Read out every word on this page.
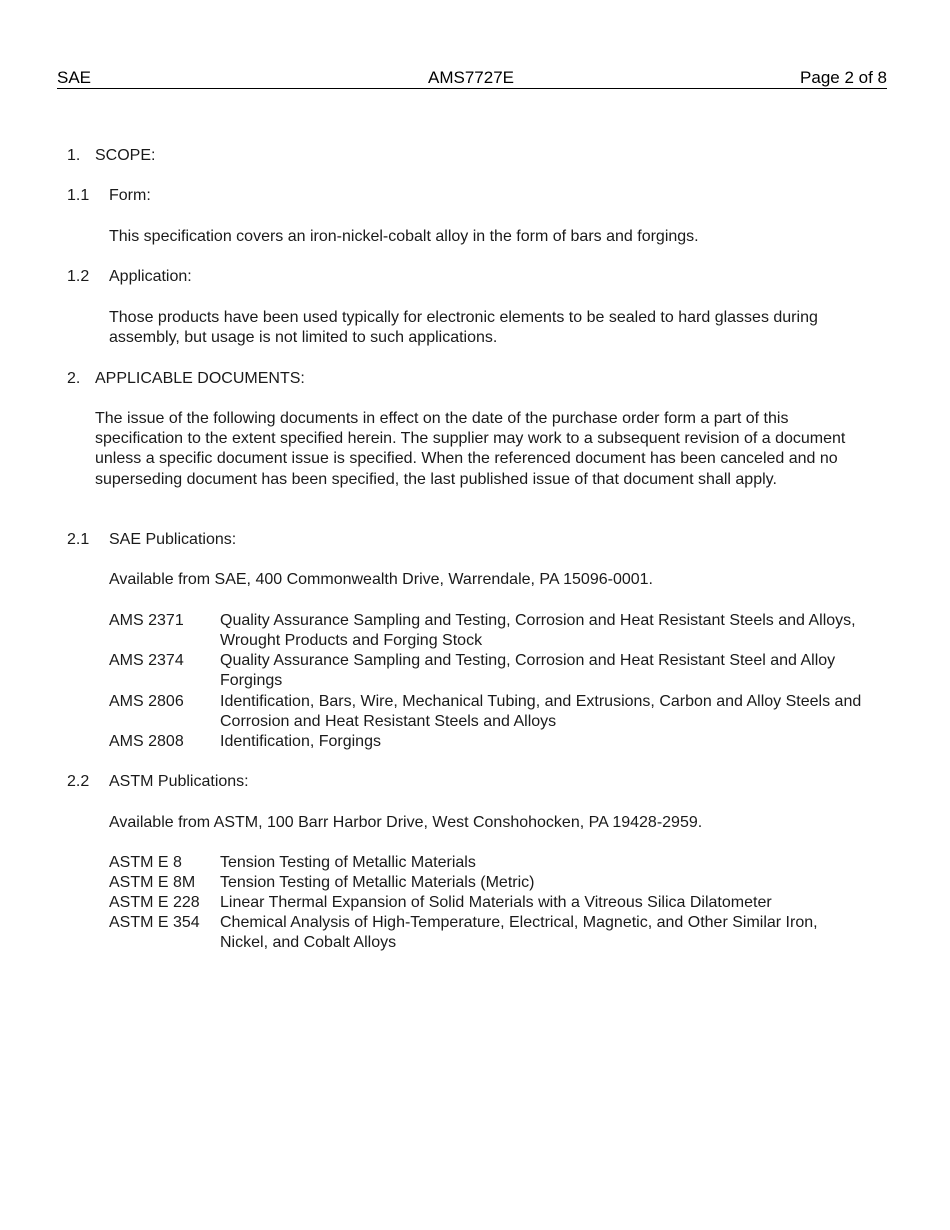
SAE	AMS7727E	Page 2 of 8
1. SCOPE:
1.1 Form:
This specification covers an iron-nickel-cobalt alloy in the form of bars and forgings.
1.2 Application:
Those products have been used typically for electronic elements to be sealed to hard glasses during assembly, but usage is not limited to such applications.
2. APPLICABLE DOCUMENTS:
The issue of the following documents in effect on the date of the purchase order form a part of this specification to the extent specified herein. The supplier may work to a subsequent revision of a document unless a specific document issue is specified. When the referenced document has been canceled and no superseding document has been specified, the last published issue of that document shall apply.
2.1 SAE Publications:
Available from SAE, 400 Commonwealth Drive, Warrendale, PA 15096-0001.
AMS 2371 Quality Assurance Sampling and Testing, Corrosion and Heat Resistant Steels and Alloys, Wrought Products and Forging Stock
AMS 2374 Quality Assurance Sampling and Testing, Corrosion and Heat Resistant Steel and Alloy Forgings
AMS 2806 Identification, Bars, Wire, Mechanical Tubing, and Extrusions, Carbon and Alloy Steels and Corrosion and Heat Resistant Steels and Alloys
AMS 2808 Identification, Forgings
2.2 ASTM Publications:
Available from ASTM, 100 Barr Harbor Drive, West Conshohocken, PA 19428-2959.
ASTM E 8 Tension Testing of Metallic Materials
ASTM E 8M Tension Testing of Metallic Materials (Metric)
ASTM E 228 Linear Thermal Expansion of Solid Materials with a Vitreous Silica Dilatometer
ASTM E 354 Chemical Analysis of High-Temperature, Electrical, Magnetic, and Other Similar Iron, Nickel, and Cobalt Alloys
